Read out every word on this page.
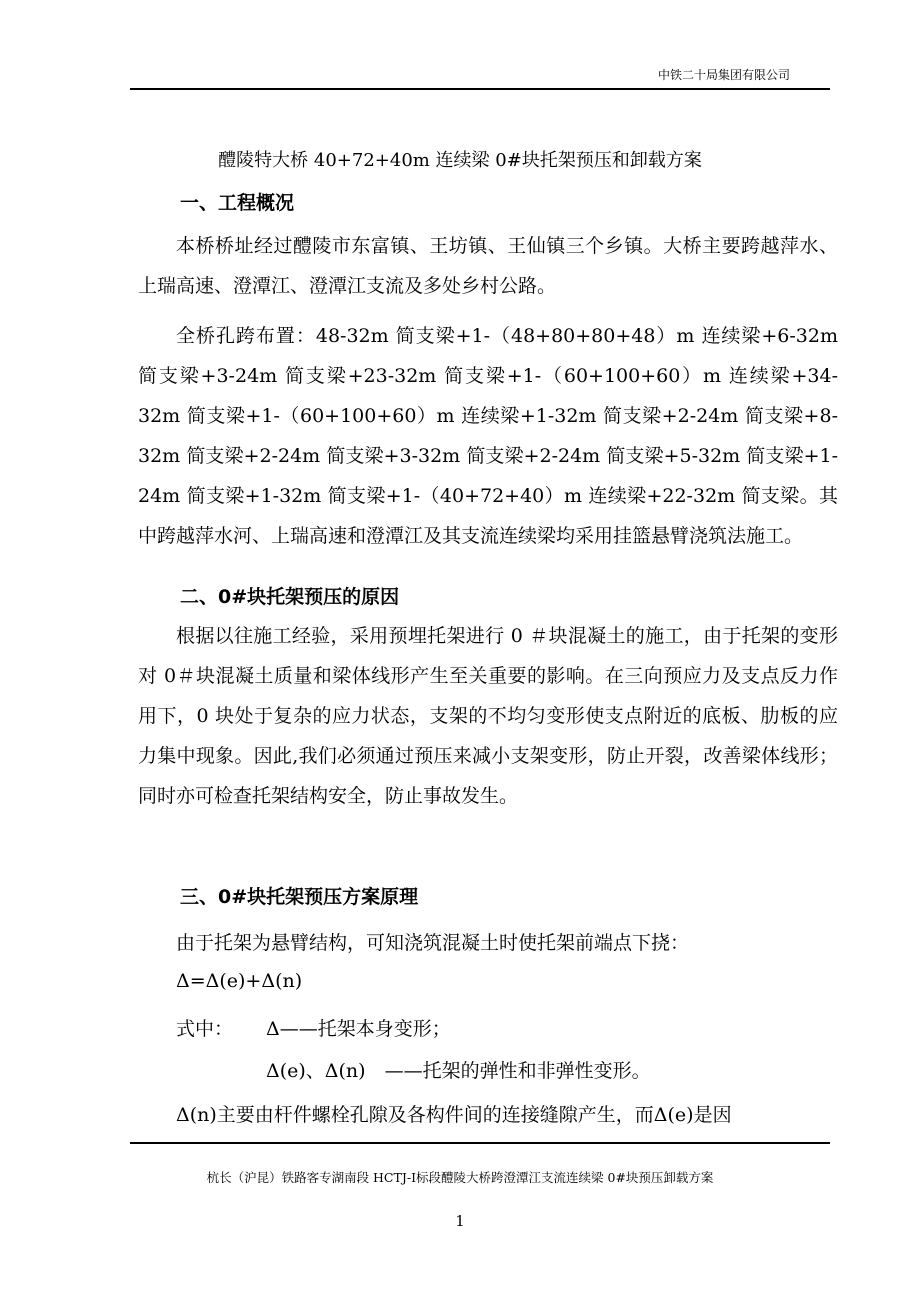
中铁二十局集团有限公司
醴陵特大桥 40+72+40m 连续梁 0#块托架预压和卸载方案
一、工程概况

本桥桥址经过醴陵市东富镇、王坊镇、王仙镇三个乡镇。大桥主要跨越萍水、上瑞高速、澄潭江、澄潭江支流及多处乡村公路。

全桥孔跨布置：48-32m 简支梁+1-（48+80+80+48）m 连续梁+6-32m 简支梁+3-24m 简支梁+23-32m 简支梁+1-（60+100+60）m 连续梁+34-32m 简支梁+1-（60+100+60）m 连续梁+1-32m 简支梁+2-24m 简支梁+8-32m 简支梁+2-24m 简支梁+3-32m 简支梁+2-24m 简支梁+5-32m 简支梁+1-24m 简支梁+1-32m 简支梁+1-（40+72+40）m 连续梁+22-32m 简支梁。其中跨越萍水河、上瑞高速和澄潭江及其支流连续梁均采用挂篮悬臂浇筑法施工。

二、0#块托架预压的原因

根据以往施工经验，采用预埋托架进行 0 ＃块混凝土的施工，由于托架的变形对 0＃块混凝土质量和梁体线形产生至关重要的影响。在三向预应力及支点反力作用下，0 块处于复杂的应力状态，支架的不均匀变形使支点附近的底板、肋板的应力集中现象。因此,我们必须通过预压来减小支架变形，防止开裂，改善梁体线形；同时亦可检查托架结构安全，防止事故发生。

三、0#块托架预压方案原理
由于托架为悬臂结构，可知浇筑混凝土时使托架前端点下挠：
Δ=Δ(e)+Δ(n)
式中： Δ——托架本身变形；
Δ(e)、Δ(n)　——托架的弹性和非弹性变形。
Δ(n)主要由杆件螺栓孔隙及各构件间的连接缝隙产生，而Δ(e)是因
杭长（沪昆）铁路客专湖南段 HCTJ-Ⅰ标段醴陵大桥跨澄潭江支流连续梁 0#块预压卸载方案
1
